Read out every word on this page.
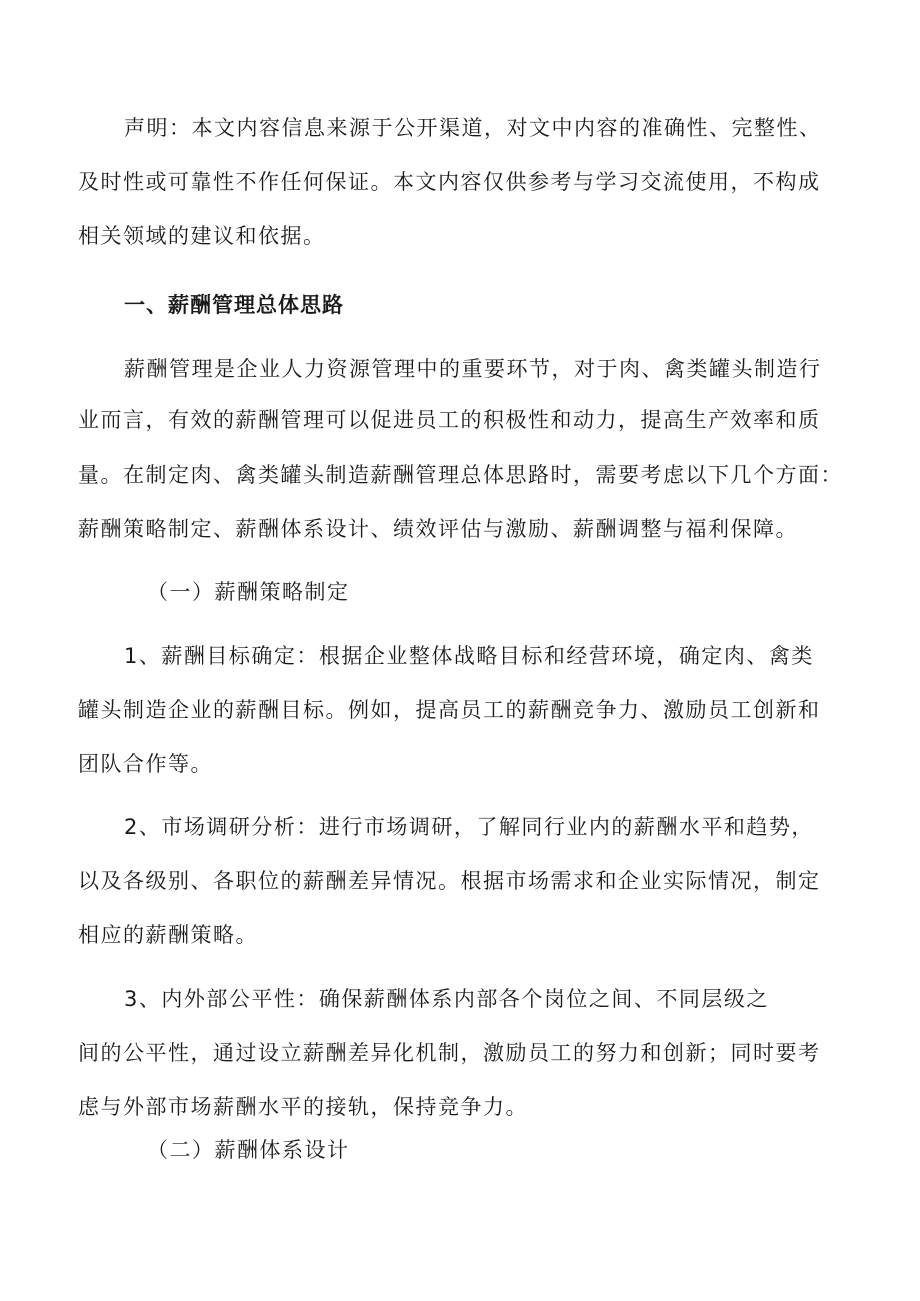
声明：本文内容信息来源于公开渠道，对文中内容的准确性、完整性、

及时性或可靠性不作任何保证。本文内容仅供参考与学习交流使用，不构成

相关领域的建议和依据。

一、薪酬管理总体思路

薪酬管理是企业人力资源管理中的重要环节，对于肉、禽类罐头制造行

业而言，有效的薪酬管理可以促进员工的积极性和动力，提高生产效率和质

量。在制定肉、禽类罐头制造薪酬管理总体思路时，需要考虑以下几个方面：

薪酬策略制定、薪酬体系设计、绩效评估与激励、薪酬调整与福利保障。

（一）薪酬策略制定

1、薪酬目标确定：根据企业整体战略目标和经营环境，确定肉、禽类

罐头制造企业的薪酬目标。例如，提高员工的薪酬竞争力、激励员工创新和

团队合作等。

2、市场调研分析：进行市场调研，了解同行业内的薪酬水平和趋势，

以及各级别、各职位的薪酬差异情况。根据市场需求和企业实际情况，制定

相应的薪酬策略。

3、内外部公平性：确保薪酬体系内部各个岗位之间、不同层级之

间的公平性，通过设立薪酬差异化机制，激励员工的努力和创新；同时要考

虑与外部市场薪酬水平的接轨，保持竞争力。

（二）薪酬体系设计
